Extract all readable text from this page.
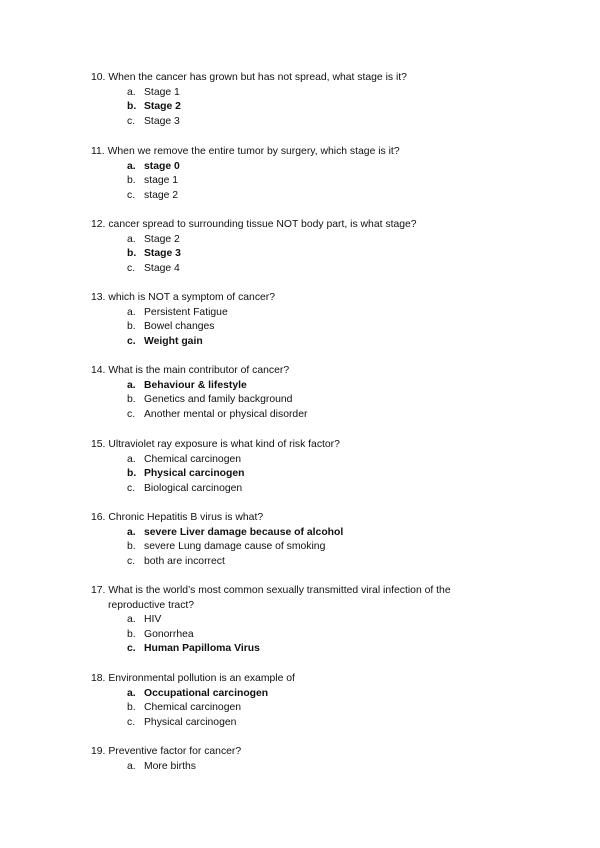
10. When the cancer has grown but has not spread, what stage is it?
a. Stage 1
b. Stage 2
c. Stage 3
11. When we remove the entire tumor by surgery, which stage is it?
a. stage 0
b. stage 1
c. stage 2
12. cancer spread to surrounding tissue NOT body part, is what stage?
a. Stage 2
b. Stage 3
c. Stage 4
13. which is NOT a symptom of cancer?
a. Persistent Fatigue
b. Bowel changes
c. Weight gain
14. What is the main contributor of cancer?
a. Behaviour & lifestyle
b. Genetics and family background
c. Another mental or physical disorder
15. Ultraviolet ray exposure is what kind of risk factor?
a. Chemical carcinogen
b. Physical carcinogen
c. Biological carcinogen
16. Chronic Hepatitis B virus is what?
a. severe Liver damage because of alcohol
b. severe Lung damage cause of smoking
c. both are incorrect
17. What is the world’s most common sexually transmitted viral infection of the
reproductive tract?
a. HIV
b. Gonorrhea
c. Human Papilloma Virus
18. Environmental pollution is an example of
a. Occupational carcinogen
b. Chemical carcinogen
c. Physical carcinogen
19. Preventive factor for cancer?
a. More births
